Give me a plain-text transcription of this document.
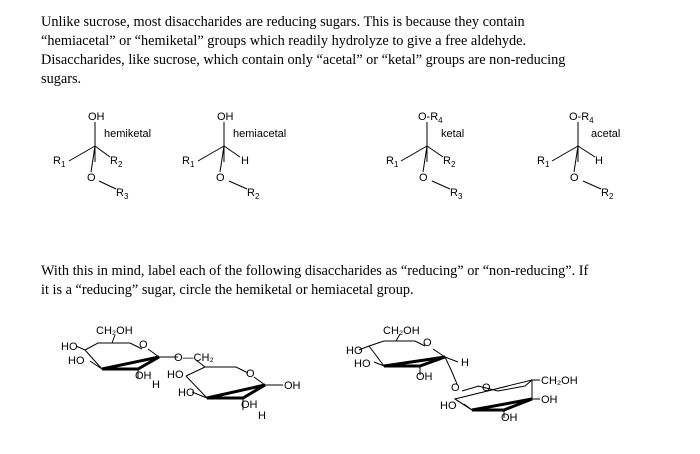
Unlike sucrose, most disaccharides are reducing sugars. This is because they contain
“hemiacetal” or “hemiketal” groups which readily hydrolyze to give a free aldehyde.
Disaccharides, like sucrose, which contain only “acetal” or “ketal” groups are non-reducing
sugars.
OH
hemiketal
$R_1$	$R_2$
O
$R_3$
OH
hemiacetal
$R_1$	H
O
$R_2$
$O-R_4$
ketal
$R_1$	$R_2$
O
$R_3$
$O-R_4$
acetal
$R_1$	H
O
$R_2$
CH₂OH
O
HO
HO
OH
H
O—CH₂
HO	O
HO
OH
OH
H
CH₂OH
O
HO
HO	H
OH
O O
CH₂OH
HO	OH
OH
With this in mind, label each of the following disaccharides as “reducing” or “non-reducing”. If
it is a “reducing” sugar, circle the hemiketal or hemiacetal group.
